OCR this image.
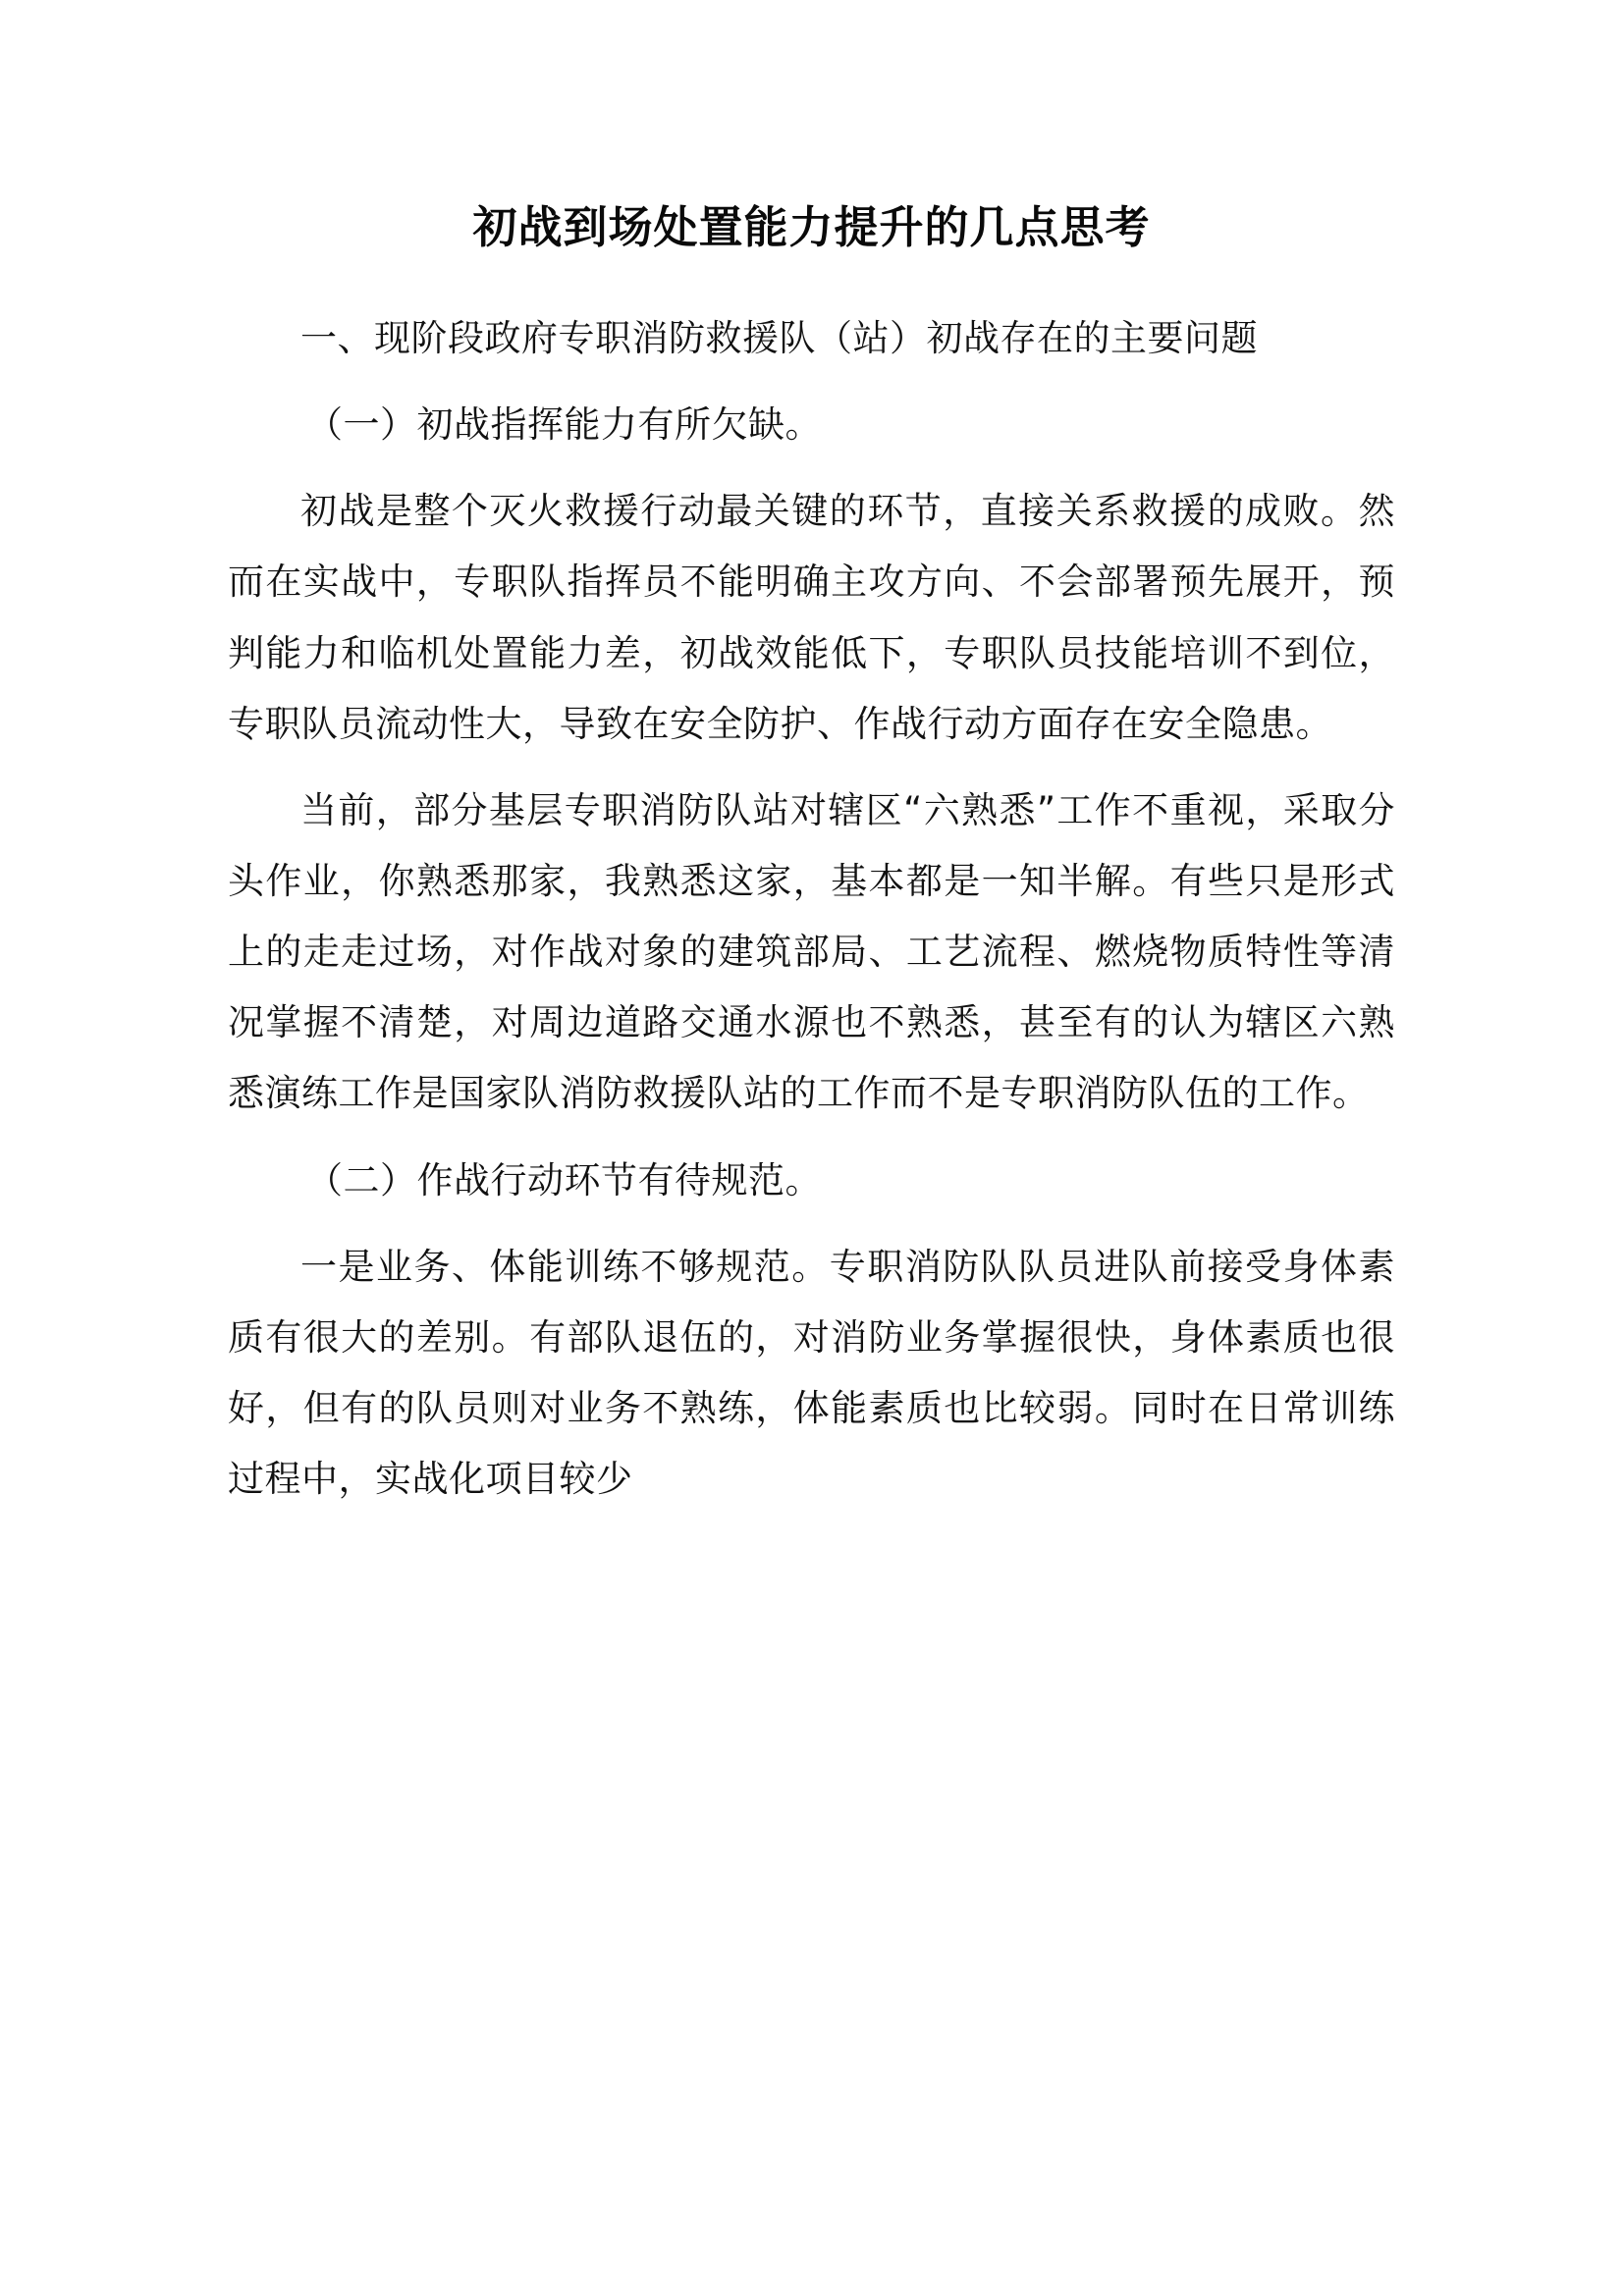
初战到场处置能力提升的几点思考

一、现阶段政府专职消防救援队（站）初战存在的主要问题

（一）初战指挥能力有所欠缺。

初战是整个灭火救援行动最关键的环节，直接关系救援的成败。然而在实战中，专职队指挥员不能明确主攻方向、不会部署预先展开，预判能力和临机处置能力差，初战效能低下，专职队员技能培训不到位，专职队员流动性大，导致在安全防护、作战行动方面存在安全隐患。

当前，部分基层专职消防队站对辖区“六熟悉”工作不重视，采取分头作业，你熟悉那家，我熟悉这家，基本都是一知半解。有些只是形式上的走走过场，对作战对象的建筑部局、工艺流程、燃烧物质特性等清况掌握不清楚，对周边道路交通水源也不熟悉，甚至有的认为辖区六熟悉演练工作是国家队消防救援队站的工作而不是专职消防队伍的工作。

（二）作战行动环节有待规范。

一是业务、体能训练不够规范。专职消防队队员进队前接受身体素质有很大的差别。有部队退伍的，对消防业务掌握很快，身体素质也很好，但有的队员则对业务不熟练，体能素质也比较弱。同时在日常训练过程中，实战化项目较少
